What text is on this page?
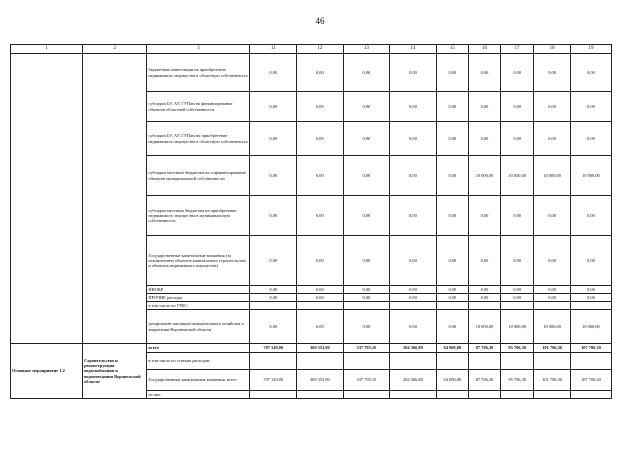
46
1	2	3	11	12	13	14	15	16	17	18	19
		бюджетные инвестиции на приобретение недвижимого имущества в областную собственность	0,00	0,00	0,00	0,00	0,00	0,00	0,00	0,00	0,00
		субсидии БУ, АУ, ГУПам на финансирование объектов областной собственности	0,00	0,00	0,00	0,00	0,00	0,00	0,00	0,00	0,00
		субсидии БУ, АУ, ГУПам на приобретение недвижимого имущества в областную собственность	0,00	0,00	0,00	0,00	0,00	0,00	0,00	0,00	0,00
		субсидии местным бюджетам на софинансирование объектов муниципальной собственности	0,00	0,00	0,00	0,00	0,00	10 000,00	10 000,00	10 000,00	10 000,00
		субсидии местным бюджетам на приобретение недвижимого имущества в муниципальную собственность	0,00	0,00	0,00	0,00	0,00	0,00	0,00	0,00	0,00
		Государственные капитальные вложения (за исключением объектов капитального строительства и объектов недвижимого имущества)	0,00	0,00	0,00	0,00	0,00	0,00	0,00	0,00	0,00
		НИОКР	0,00	0,00	0,00	0,00	0,00	0,00	0,00	0,00	0,00
		ПРОЧИЕ расходы	0,00	0,00	0,00	0,00	0,00	0,00	0,00	0,00	0,00
		в том числе по ГРБС:									
		департамент жилищно-коммунального хозяйства и энергетики Воронежской области	0,00	0,00	0,00	0,00	0,00	10 000,00	10 000,00	10 000,00	10 000,00
Основное мероприятие 1.2	Строительство и реконструкция водоснабжения и водоотведения Воронежской области	всего	707 149,00	369 353,90	337 795,10	204 366,80	64 000,00	87 706,30	95 706,30	101 706,30	107 706,30
		в том числе по статьям расходов:									
		Государственные капитальные вложения, всего	707 149,00	369 353,90	337 795,10	204 366,80	64 000,00	87 706,30	95 706,30	101 706,30	107 706,30
		из них:									
